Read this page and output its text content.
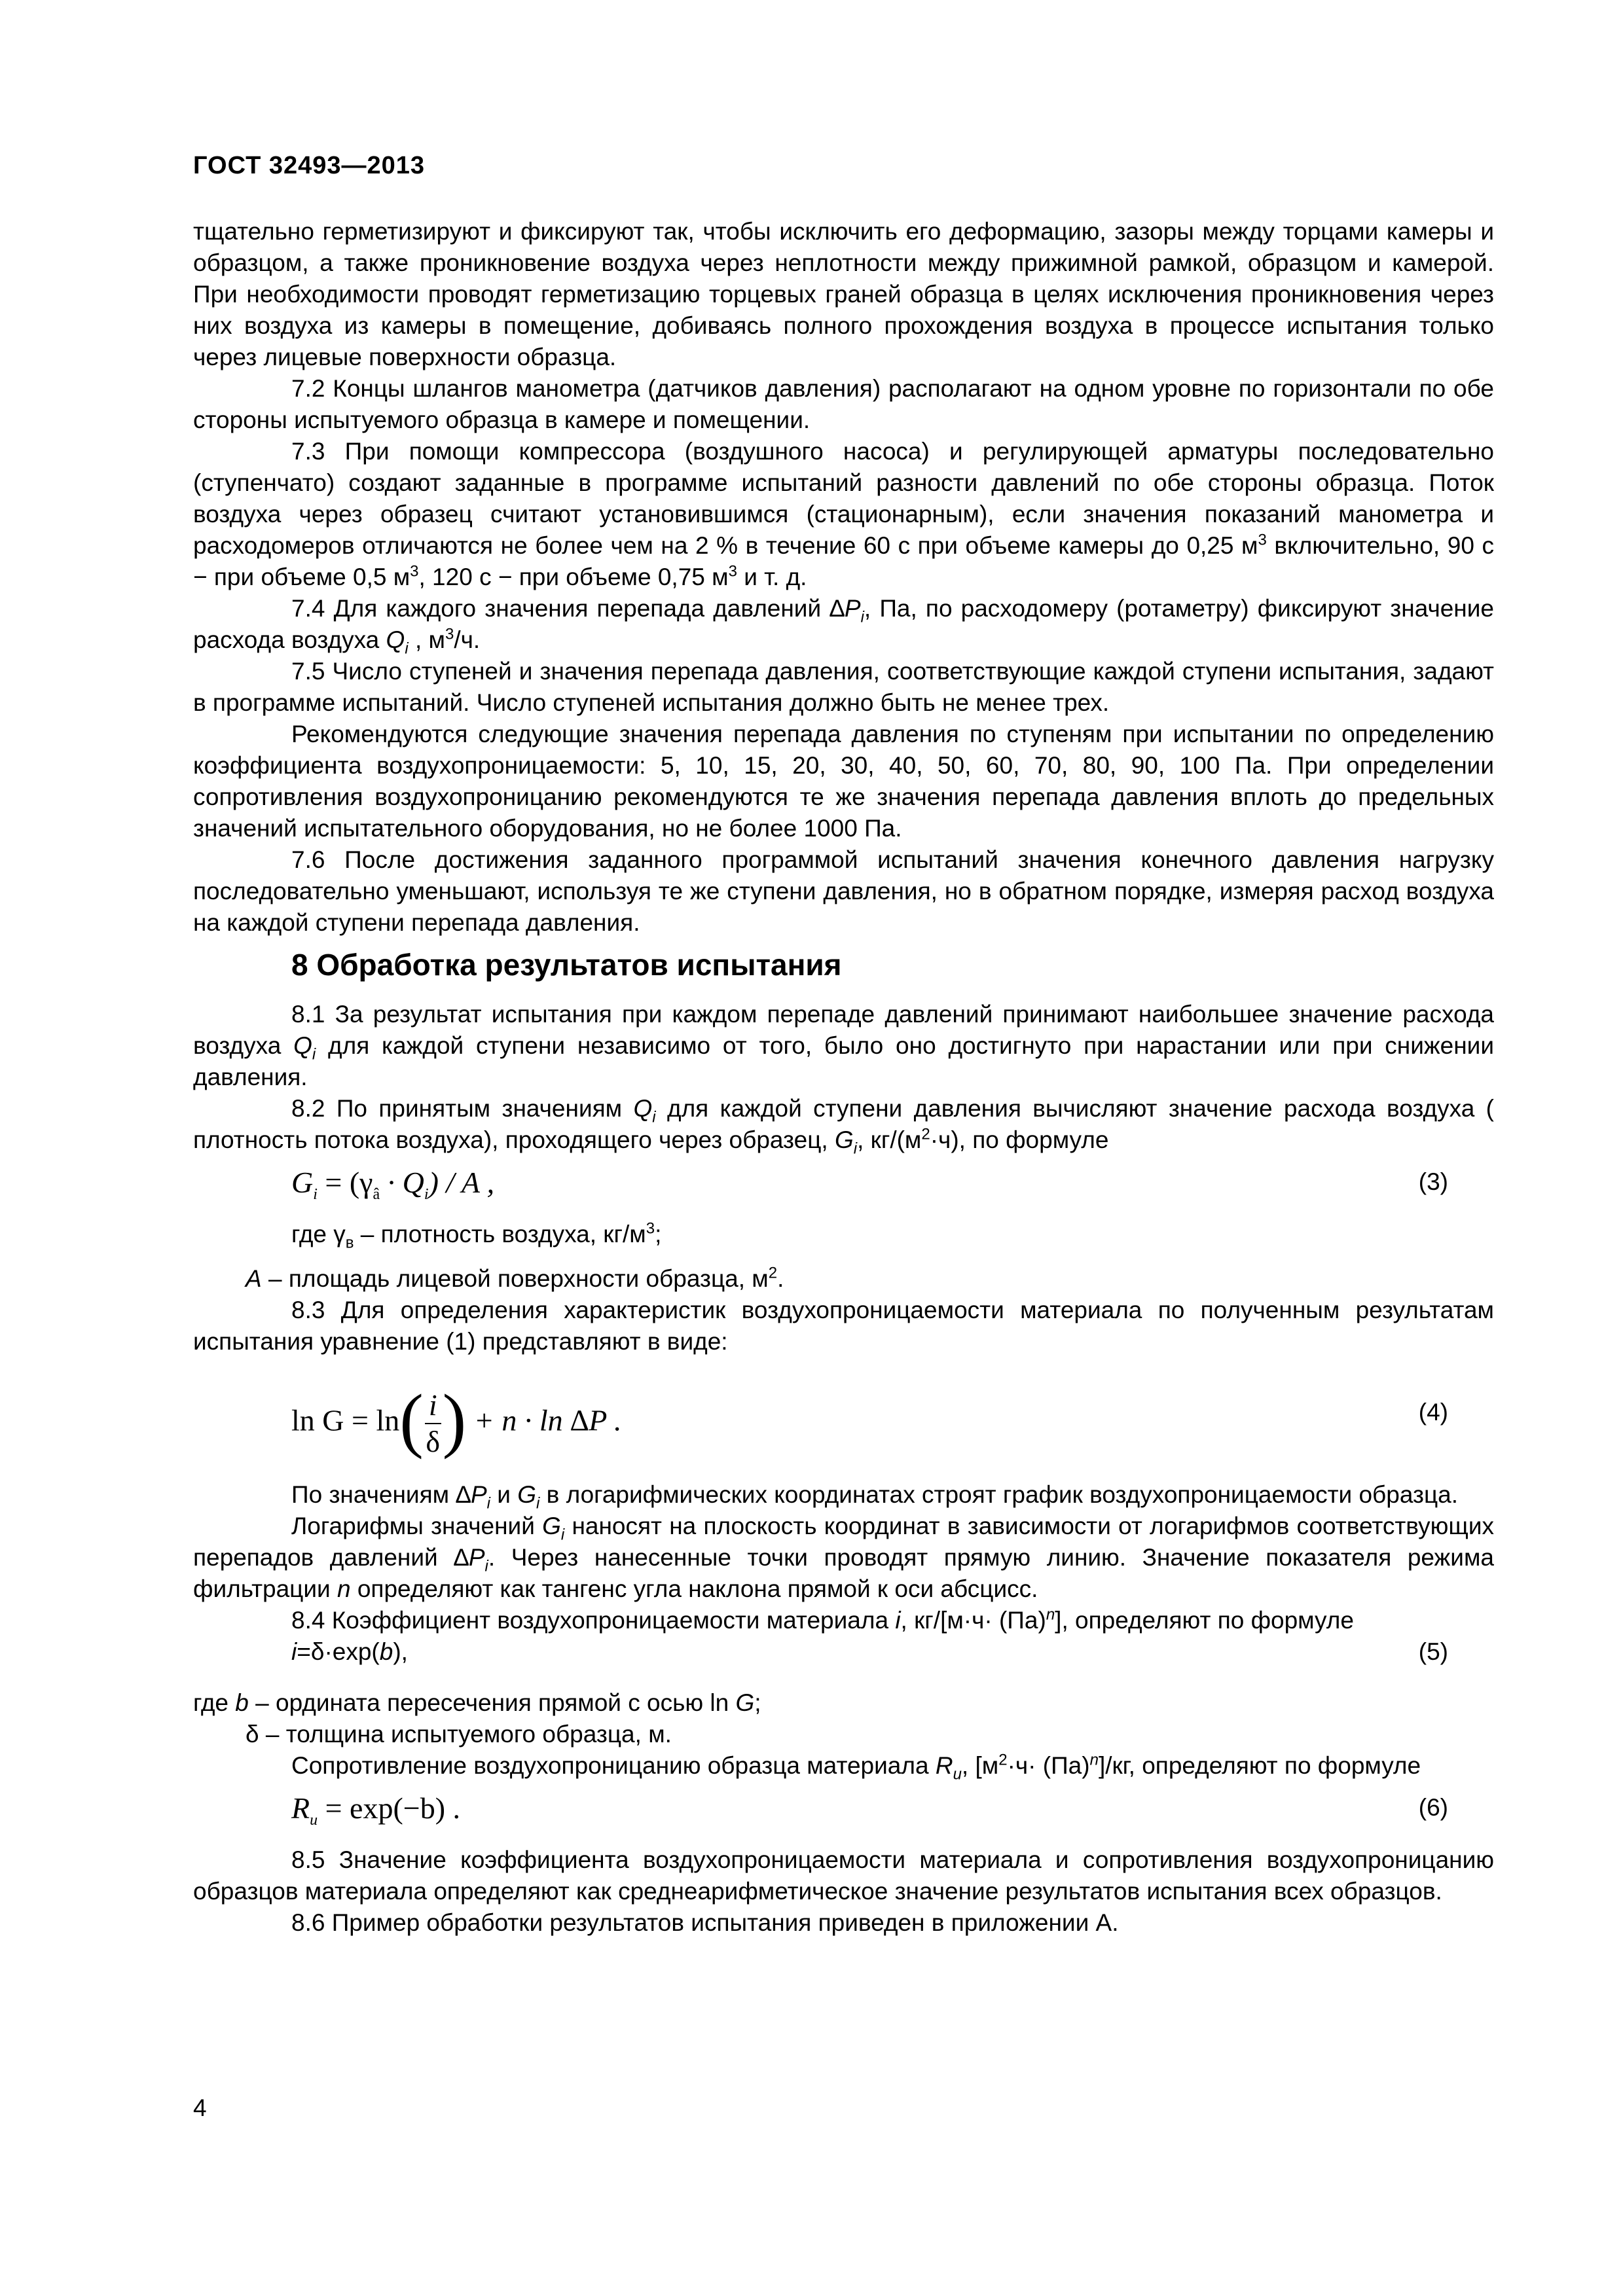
ГОСТ 32493—2013

тщательно герметизируют и фиксируют так, чтобы исключить его деформацию, зазоры между торцами камеры и образцом, а также проникновение воздуха через неплотности между прижимной рамкой, образцом и камерой. При необходимости проводят герметизацию торцевых граней образца в целях исключения проникновения через них воздуха из камеры в помещение, добиваясь полного прохождения воздуха в процессе испытания только через лицевые поверхности образца.

7.2 Концы шлангов манометра (датчиков давления) располагают на одном уровне по горизонтали по обе стороны испытуемого образца в камере и помещении.

7.3 При помощи компрессора (воздушного насоса) и регулирующей арматуры последовательно (ступенчато) создают заданные в программе испытаний разности давлений по обе стороны образца. Поток воздуха через образец считают установившимся (стационарным), если значения показаний манометра и расходомеров отличаются не более чем на 2 % в течение 60 с при объеме камеры до 0,25 $м^3$ включительно, 90 с − при объеме 0,5 $м^3$, 120 с − при объеме 0,75 $м^3$ и т. д.

7.4 Для каждого значения перепада давлений $\Delta P_i$, Па, по расходомеру (ротаметру) фиксируют значение расхода воздуха $Q_i$ , $м^3/ч$.

7.5 Число ступеней и значения перепада давления, соответствующие каждой ступени испытания, задают в программе испытаний. Число ступеней испытания должно быть не менее трех.

Рекомендуются следующие значения перепада давления по ступеням при испытании по определению коэффициента воздухопроницаемости: 5, 10, 15, 20, 30, 40, 50, 60, 70, 80, 90, 100 Па. При определении сопротивления воздухопроницанию рекомендуются те же значения перепада давления вплоть до предельных значений испытательного оборудования, но не более 1000 Па.

7.6 После достижения заданного программой испытаний значения конечного давления нагрузку последовательно уменьшают, используя те же ступени давления, но в обратном порядке, измеряя расход воздуха на каждой ступени перепада давления.

8 Обработка результатов испытания

8.1 За результат испытания при каждом перепаде давлений принимают наибольшее значение расхода воздуха $Q_i$ для каждой ступени независимо от того, было оно достигнуто при нарастании или при снижении давления.

8.2 По принятым значениям $Q_i$ для каждой ступени давления вычисляют значение расхода воздуха ( плотность потока воздуха), проходящего через образец, $G_i$, $кг/(м^2\cdot ч)$, по формуле

$G_i = (\gamma_â \cdot Q_i) / A$ ,	(3)

где $\gamma_в$ – плотность воздуха, $кг/м^3$;

A – площадь лицевой поверхности образца, $м^2$.

8.3 Для определения характеристик воздухопроницаемости материала по полученным результатам испытания уравнение (1) представляют в виде:

$\ln G = \ln( \frac{i}{\delta}$ ) + n · ln ∆P .	(4)

По значениям $\Delta P_i$ и $G_i$ в логарифмических координатах строят график воздухопроницаемости образца.

Логарифмы значений $G_i$ наносят на плоскость координат в зависимости от логарифмов соответствующих перепадов давлений $\Delta P_i$. Через нанесенные точки проводят прямую линию. Значение показателя режима фильтрации n определяют как тангенс угла наклона прямой к оси абсцисс.

8.4 Коэффициент воздухопроницаемости материала i, кг/[м·ч· (Па)$^n$], определяют по формуле

i=δ·exp(b),	(5)

где b – ордината пересечения прямой с осью ln G;

δ – толщина испытуемого образца, м.

Сопротивление воздухопроницанию образца материала $R_u$, $[м^2\cdot ч\cdot (Па)^n]/кг$, определяют по формуле

$R_u = \exp(-b)$ .	(6)

8.5 Значение коэффициента воздухопроницаемости материала и сопротивления воздухопроницанию образцов материала определяют как среднеарифметическое значение результатов испытания всех образцов.

8.6 Пример обработки результатов испытания приведен в приложении А.

4
